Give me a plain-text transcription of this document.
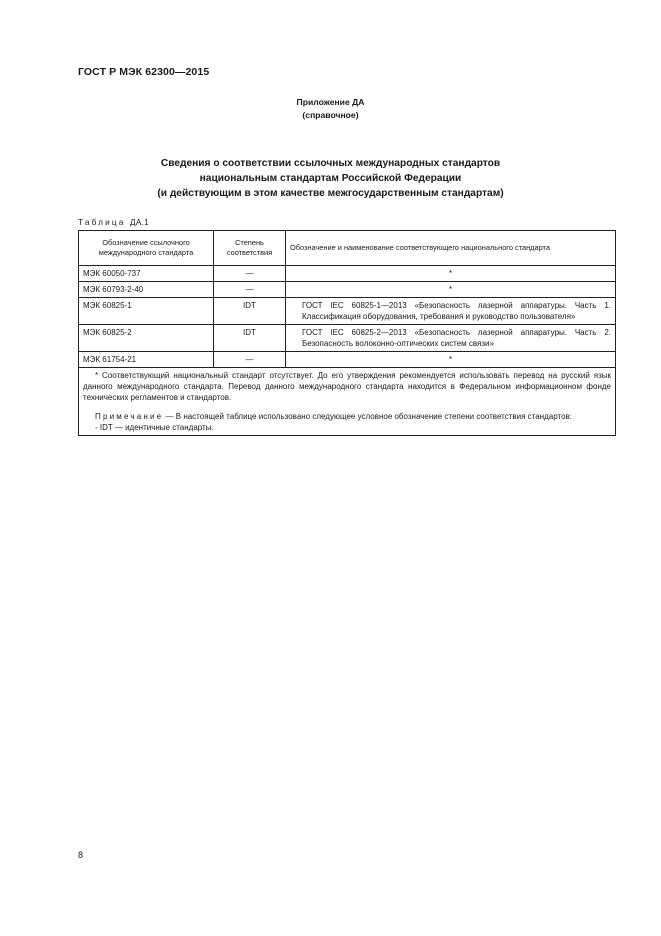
ГОСТ Р МЭК 62300—2015
Приложение ДА
(справочное)
Сведения о соответствии ссылочных международных стандартов
национальным стандартам Российской Федерации
(и действующим в этом качестве межгосударственным стандартам)
Таблица ДА.1
Обозначение ссылочного международного стандарта	Степень соответствия	Обозначение и наименование соответствующего национального стандарта
МЭК 60050-737	—	*
МЭК 60793-2-40	—	*
МЭК 60825-1	IDT	ГОСТ IEC 60825-1—2013 «Безопасность лазерной аппаратуры. Часть 1. Классификация оборудования, требования и руководство пользователя»

МЭК 60825-2	IDT	ГОСТ IEC 60825-2—2013 «Безопасность лазерной аппаратуры. Часть 2. Безопасность волоконно-оптических систем связи»

МЭК 61754-21	—	*

* Соответствующий национальный стандарт отсутствует. До его утверждения рекомендуется использовать перевод на русский язык данного международного стандарта. Перевод данного международного стандарта находится в Федеральном информационном фонде технических регламентов и стандартов.

Примечание — В настоящей таблице использовано следующее условное обозначение степени соответствия стандартов:

- IDT — идентичные стандарты.		

8
